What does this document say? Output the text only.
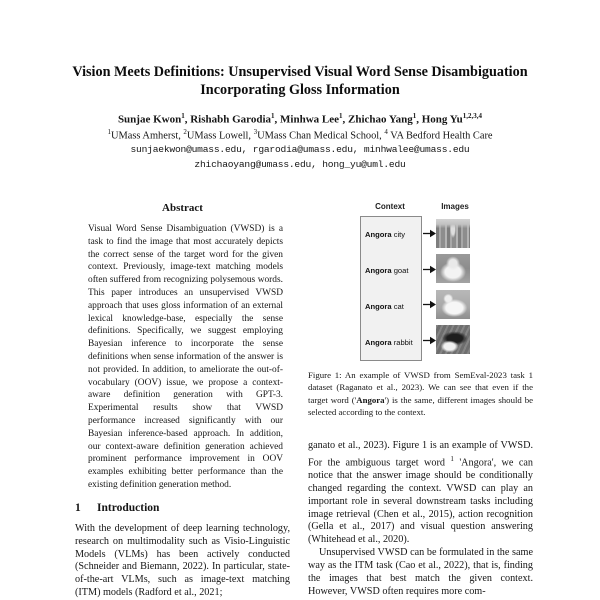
Vision Meets Definitions: Unsupervised Visual Word Sense Disambiguation
Incorporating Gloss Information
Sunjae Kwon$^1$, Rishabh Garodia$^1$, Minhwa Lee$^1$, Zhichao Yang$^1$, Hong Yu$^{1,2,3,4}$
$^1$UMass Amherst, $^2$UMass Lowell, $^3$UMass Chan Medical School, $^4$ VA Bedford Health Care
sunjaekwon@umass.edu, rgarodia@umass.edu, minhwalee@umass.edu
zhichaoyang@umass.edu, hong_yu@uml.edu
Abstract

Visual Word Sense Disambiguation (VWSD) is a task to find the image that most accurately depicts the correct sense of the target word for the given context. Previously, image-text matching models often suffered from recognizing polysemous words. This paper introduces an unsupervised VWSD approach that uses gloss information of an external lexical knowledge-base, especially the sense definitions. Specifically, we suggest employing Bayesian inference to incorporate the sense definitions when sense information of the answer is not provided. In addition, to ameliorate the out-of-vocabulary (OOV) issue, we propose a context-aware definition generation with GPT-3. Experimental results show that VWSD performance increased significantly with our Bayesian inference-based approach. In addition, our context-aware definition generation achieved prominent performance improvement in OOV examples exhibiting better performance than the existing definition generation method.

1	Introduction

With the development of deep learning technology, research on multimodality such as Visio-Linguistic Models (VLMs) has been actively conducted (Schneider and Biemann, 2022). In particular, state-of-the-art VLMs, such as image-text matching (ITM) models (Radford et al., 2021;

Context	Images
Angora city
Angora goat
Angora cat
Angora rabbit

Figure 1: An example of VWSD from SemEval-2023 task 1 dataset (Raganato et al., 2023). We can see that even if the target word ('Angora') is the same, different images should be selected according to the context.

ganato et al., 2023). Figure 1 is an example of VWSD. For the ambiguous target word $^1$ 'Angora', we can notice that the answer image should be conditionally changed regarding the context. VWSD can play an important role in several downstream tasks including image retrieval (Chen et al., 2015), action recognition (Gella et al., 2017) and visual question answering (Whitehead et al., 2020).

Unsupervised VWSD can be formulated in the same way as the ITM task (Cao et al., 2022), that is, finding the images that best match the given context. However, VWSD often requires more com-
